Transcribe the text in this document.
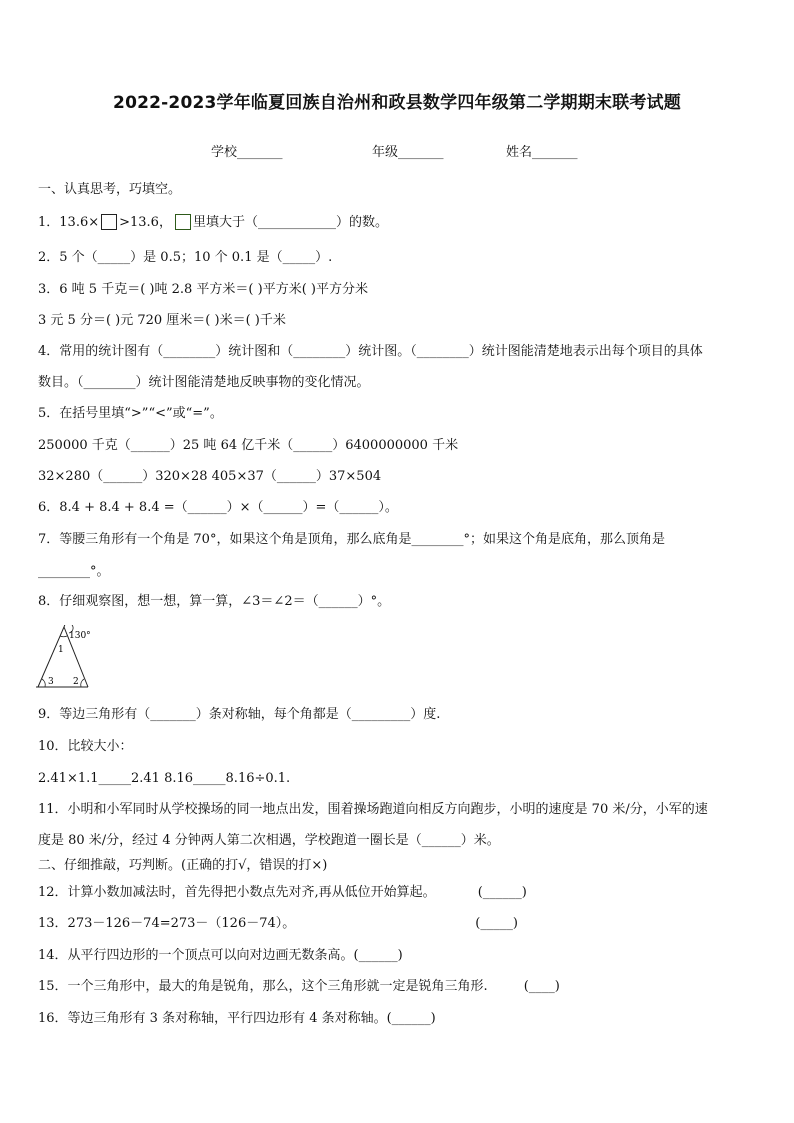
2022-2023学年临夏回族自治州和政县数学四年级第二学期期末联考试题
学校_______	年级_______	姓名_______
一、认真思考，巧填空。
1．13.6× >13.6， 里填大于（____________）的数。
2．5 个（_____）是 0.5；10 个 0.1 是（_____）.
3．6 吨 5 千克＝( )吨 2.8 平方米＝( )平方米( )平方分米
3 元 5 分＝( )元 720 厘米＝( )米＝( )千米
4．常用的统计图有（________）统计图和（________）统计图。（________）统计图能清楚地表示出每个项目的具体
数目。（________）统计图能清楚地反映事物的变化情况。
5．在括号里填“>”“<”或“=”。
250000 千克（______）25 吨 64 亿千米（______）6400000000 千米
32×280（______）320×28 405×37（______）37×504
6．8.4 + 8.4 + 8.4 =（______）×（______）=（______）。
7．等腰三角形有一个角是 70°，如果这个角是顶角，那么底角是________°；如果这个角是底角，那么顶角是
________°。
8．仔细观察图，想一想，算一算，∠3＝∠2＝（______）°。
130°
1
3 2
9．等边三角形有（_______）条对称轴，每个角都是（_________）度.
10．比较大小：
2.41×1.1_____2.41 8.16_____8.16÷0.1.
11．小明和小军同时从学校操场的同一地点出发，围着操场跑道向相反方向跑步，小明的速度是 70 米/分，小军的速
度是 80 米/分，经过 4 分钟两人第二次相遇，学校跑道一圈长是（______）米。
二、仔细推敲，巧判断。(正确的打√，错误的打×)
12．计算小数加减法时，首先得把小数点先对齐,再从低位开始算起。	(______)
13．273－126－74=273－（126－74）。	(_____)
14．从平行四边形的一个顶点可以向对边画无数条高。(______)
15．一个三角形中，最大的角是锐角，那么，这个三角形就一定是锐角三角形.	(____)
16．等边三角形有 3 条对称轴，平行四边形有 4 条对称轴。(______)
